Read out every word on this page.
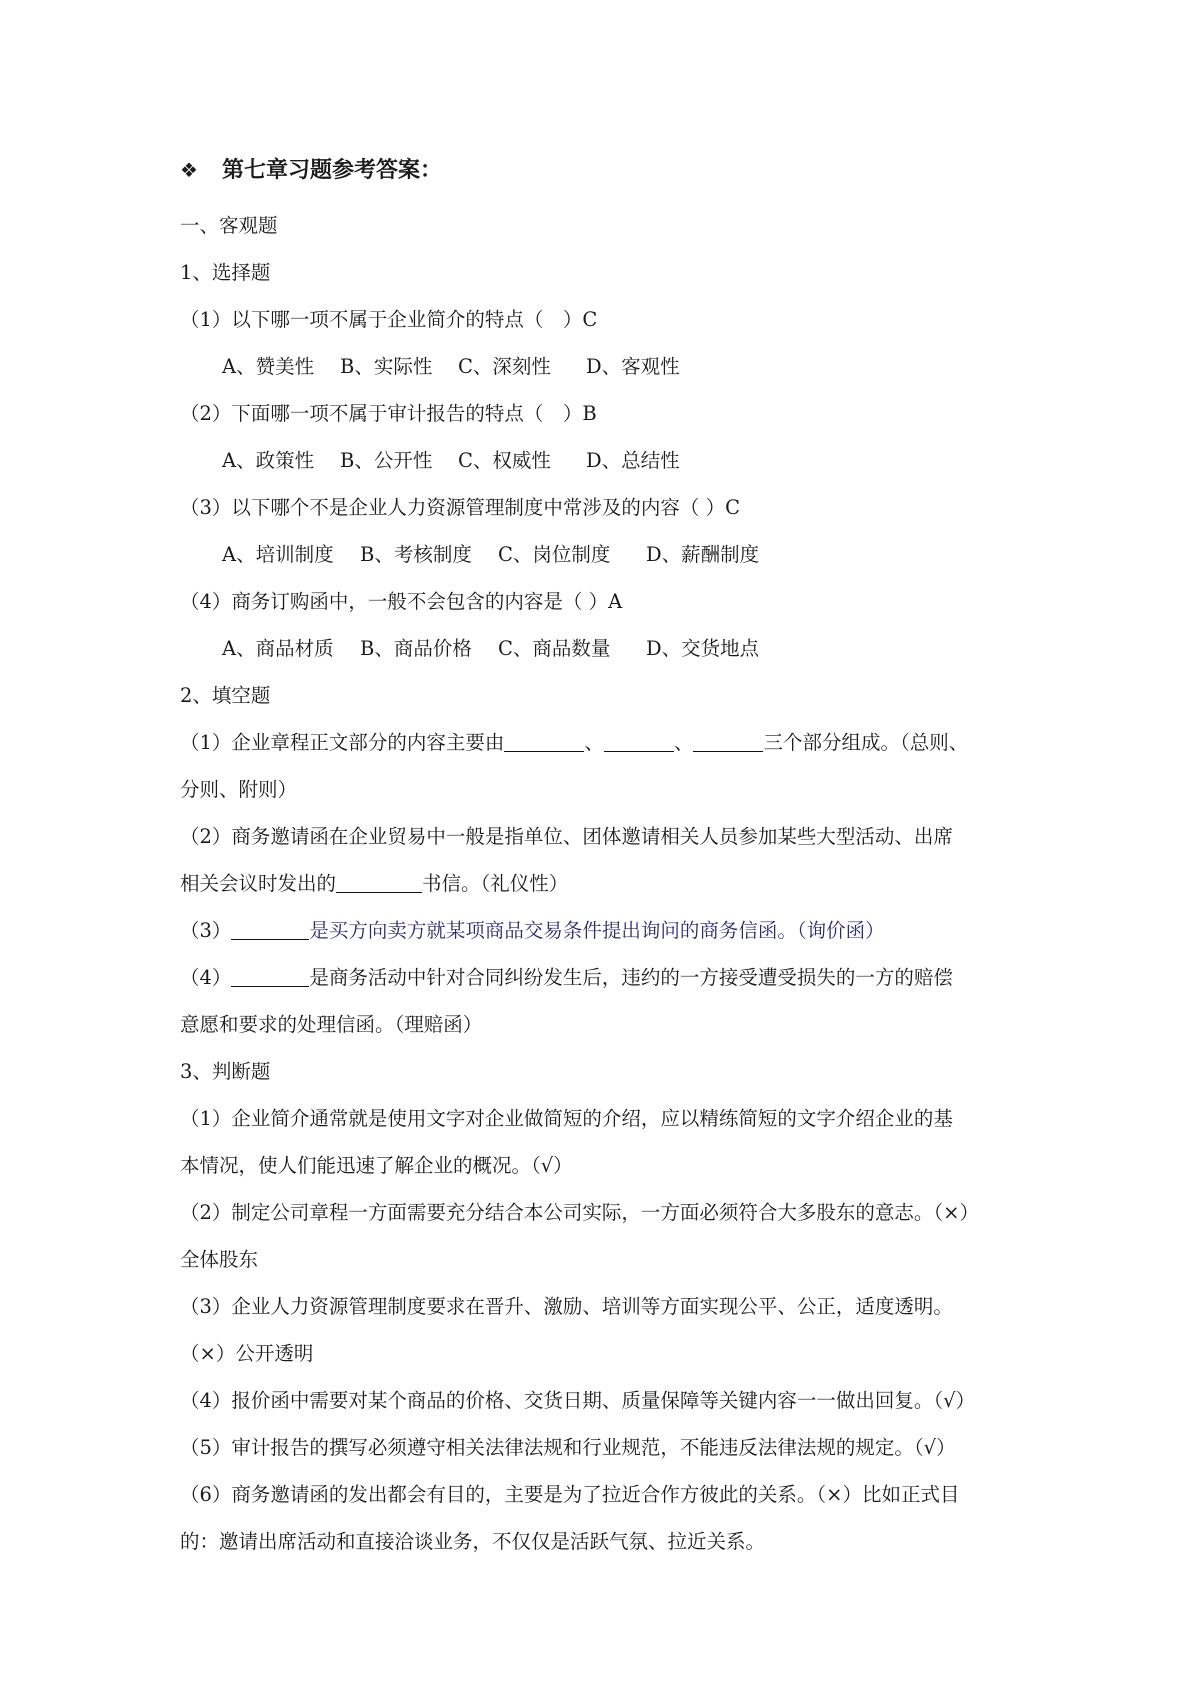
❖ 第七章习题参考答案：
一、客观题
1、选择题
（1）以下哪一项不属于企业简介的特点（　）C
A、赞美性 B、实际性 C、深刻性 D、客观性
（2）下面哪一项不属于审计报告的特点（　）B
A、政策性 B、公开性 C、权威性 D、总结性
（3）以下哪个不是企业人力资源管理制度中常涉及的内容（ ）C
A、培训制度 B、考核制度 C、岗位制度 D、薪酬制度
（4）商务订购函中，一般不会包含的内容是（ ）A
A、商品材质 B、商品价格 C、商品数量 D、交货地点
2、填空题
（1）企业章程正文部分的内容主要由	、	、	三个部分组成。（总则、
分则、附则）
（2）商务邀请函在企业贸易中一般是指单位、团体邀请相关人员参加某些大型活动、出席
相关会议时发出的	书信。（礼仪性）
（3）	是买方向卖方就某项商品交易条件提出询问的商务信函。（询价函）
（4）	是商务活动中针对合同纠纷发生后，违约的一方接受遭受损失的一方的赔偿
意愿和要求的处理信函。（理赔函）
3、判断题
（1）企业简介通常就是使用文字对企业做简短的介绍，应以精练简短的文字介绍企业的基
本情况，使人们能迅速了解企业的概况。（√）
（2）制定公司章程一方面需要充分结合本公司实际，一方面必须符合大多股东的意志。（×）
全体股东
（3）企业人力资源管理制度要求在晋升、激励、培训等方面实现公平、公正，适度透明。
（×）公开透明
（4）报价函中需要对某个商品的价格、交货日期、质量保障等关键内容一一做出回复。（√）
（5）审计报告的撰写必须遵守相关法律法规和行业规范，不能违反法律法规的规定。（√）
（6）商务邀请函的发出都会有目的，主要是为了拉近合作方彼此的关系。（×）比如正式目
的：邀请出席活动和直接洽谈业务，不仅仅是活跃气氛、拉近关系。
